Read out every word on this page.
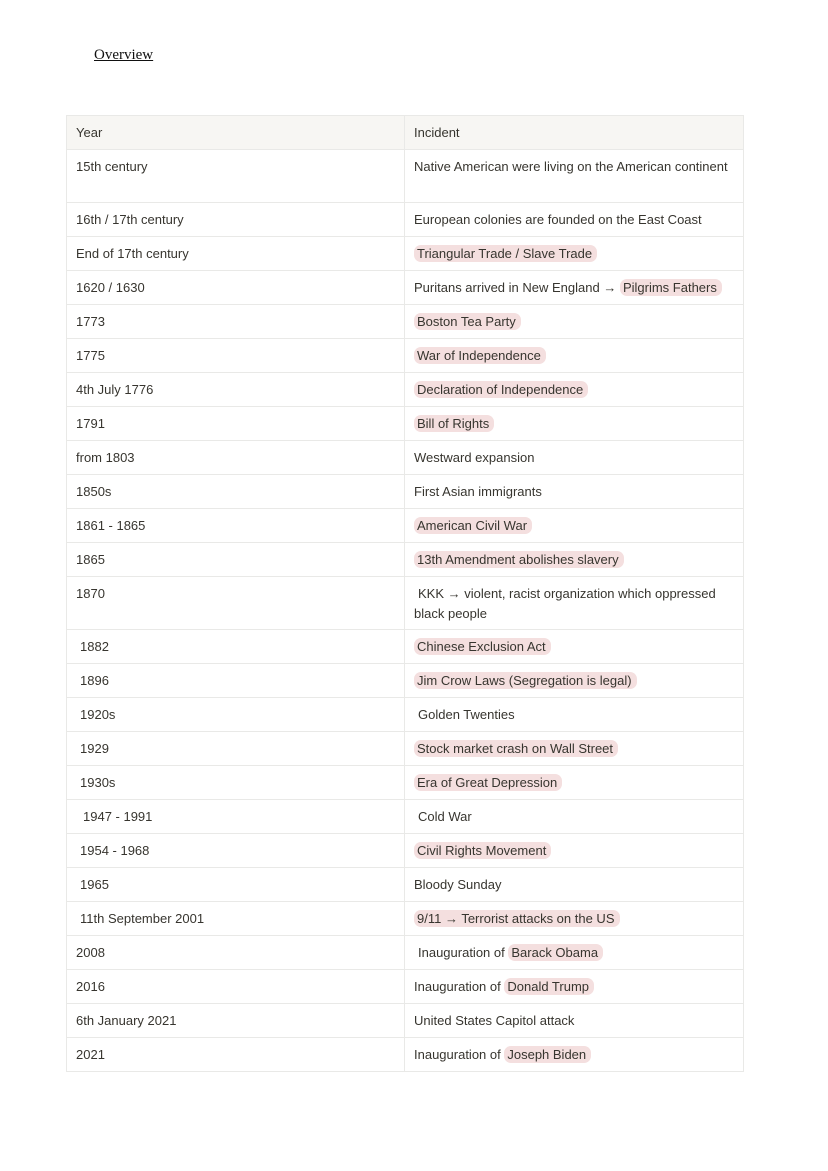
Overview
Year	Incident
15th century	Native American were living on the American continent
16th / 17th century	European colonies are founded on the East Coast
End of 17th century	Triangular Trade / Slave Trade
1620 / 1630	Puritans arrived in New England → Pilgrims Fathers
1773	Boston Tea Party
1775	War of Independence
4th July 1776	Declaration of Independence
1791	Bill of Rights
from 1803	Westward expansion
1850s	First Asian immigrants
1861 - 1865	American Civil War
1865	13th Amendment abolishes slavery
1870	KKK → violent, racist organization which oppressed black people
1882	Chinese Exclusion Act
1896	Jim Crow Laws (Segregation is legal)
1920s	Golden Twenties
1929	Stock market crash on Wall Street
1930s	Era of Great Depression
1947 - 1991	Cold War
1954 - 1968	Civil Rights Movement
1965	Bloody Sunday
11th September 2001	9/11 → Terrorist attacks on the US
2008	Inauguration of Barack Obama
2016	Inauguration of Donald Trump
6th January 2021	United States Capitol attack
2021	Inauguration of Joseph Biden
